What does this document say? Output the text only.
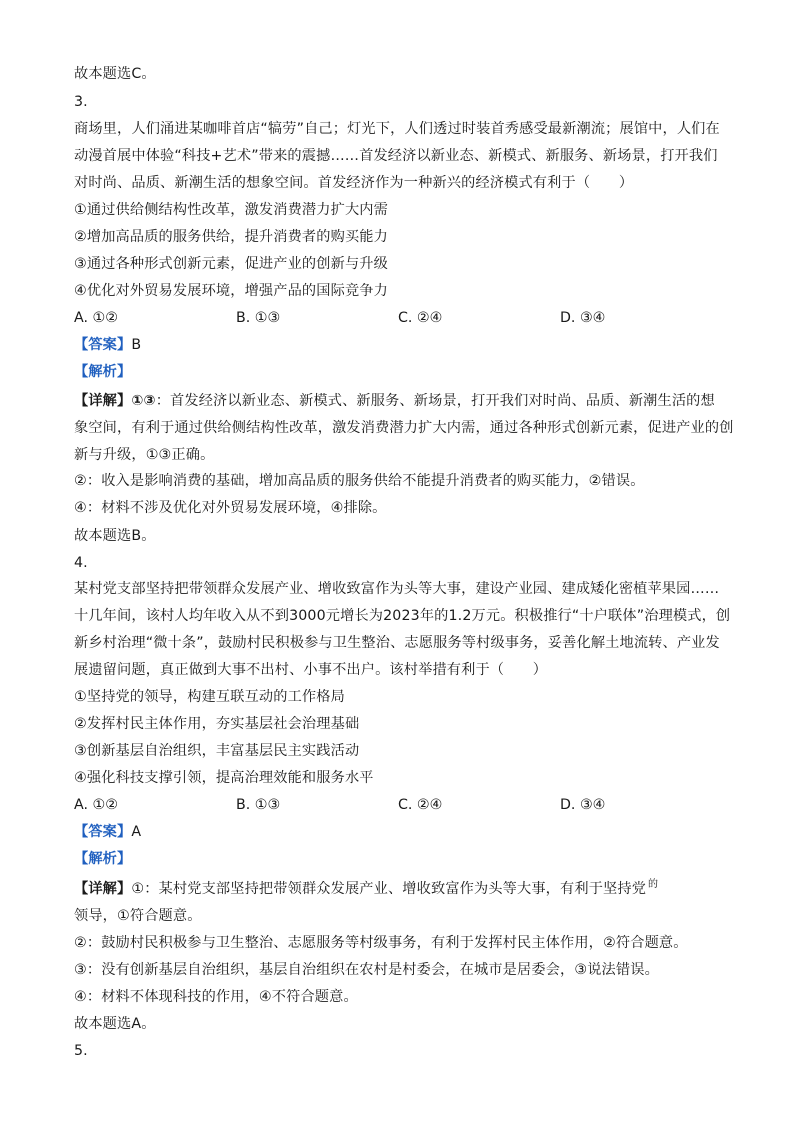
故本题选C。
3.
商场里，人们涌进某咖啡首店“犒劳”自己；灯光下，人们透过时装首秀感受最新潮流；展馆中，人们在
动漫首展中体验“科技+艺术”带来的震撼……首发经济以新业态、新模式、新服务、新场景，打开我们
对时尚、品质、新潮生活的想象空间。首发经济作为一种新兴的经济模式有利于（　　）
①通过供给侧结构性改革，激发消费潜力扩大内需
②增加高品质的服务供给，提升消费者的购买能力
③通过各种形式创新元素，促进产业的创新与升级
④优化对外贸易发展环境，增强产品的国际竞争力
A. ①②	B. ①③	C. ②④	D. ③④
【答案】B
【解析】
【详解】①③：首发经济以新业态、新模式、新服务、新场景，打开我们对时尚、品质、新潮生活的想
象空间，有利于通过供给侧结构性改革，激发消费潜力扩大内需，通过各种形式创新元素，促进产业的创
新与升级，①③正确。
②：收入是影响消费的基础，增加高品质的服务供给不能提升消费者的购买能力，②错误。
④：材料不涉及优化对外贸易发展环境，④排除。
故本题选B。
4.
某村党支部坚持把带领群众发展产业、增收致富作为头等大事，建设产业园、建成矮化密植苹果园……
十几年间，该村人均年收入从不到3000元增长为2023年的1.2万元。积极推行“十户联体”治理模式，创
新乡村治理“微十条”，鼓励村民积极参与卫生整治、志愿服务等村级事务，妥善化解土地流转、产业发
展遗留问题，真正做到大事不出村、小事不出户。该村举措有利于（　　）
①坚持党的领导，构建互联互动的工作格局
②发挥村民主体作用，夯实基层社会治理基础
③创新基层自治组织，丰富基层民主实践活动
④强化科技支撑引领，提高治理效能和服务水平
A. ①②	B. ①③	C. ②④	D. ③④
【答案】A
【解析】
【详解】①：某村党支部坚持把带领群众发展产业、增收致富作为头等大事，有利于坚持党 $^的$
领导，①符合题意。
②：鼓励村民积极参与卫生整治、志愿服务等村级事务，有利于发挥村民主体作用，②符合题意。
③：没有创新基层自治组织，基层自治组织在农村是村委会，在城市是居委会，③说法错误。
④：材料不体现科技的作用，④不符合题意。
故本题选A。
5.
